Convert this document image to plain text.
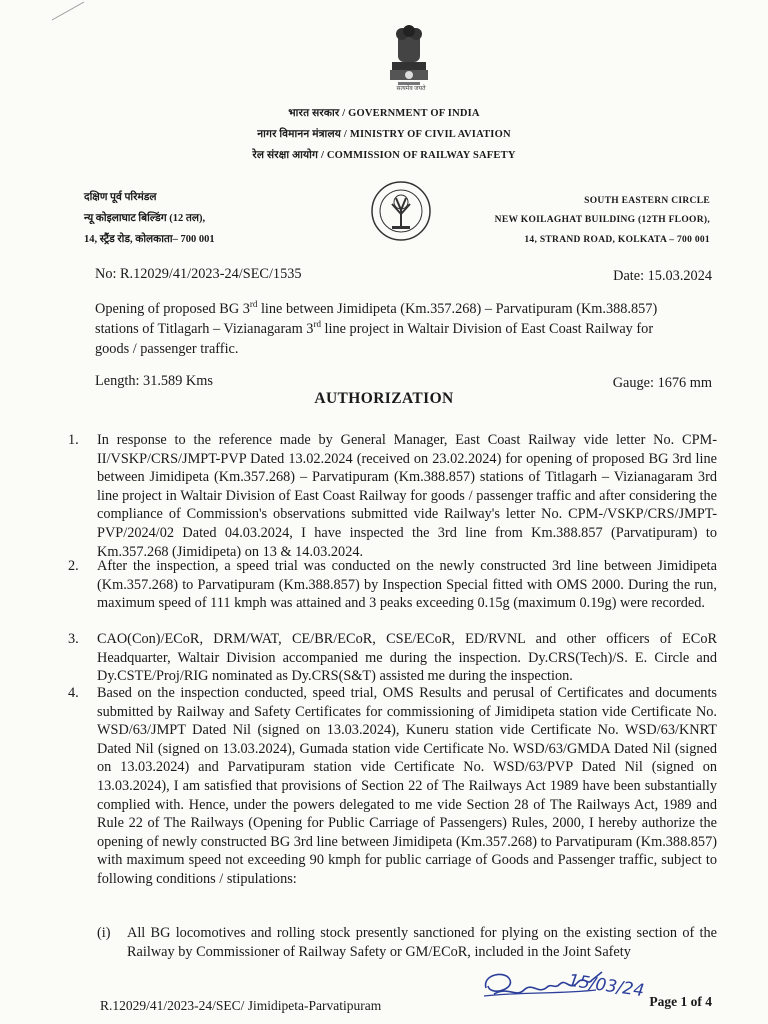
सत्यमेव जयते
भारत सरकार / GOVERNMENT OF INDIA
नागर विमानन मंत्रालय / MINISTRY OF CIVIL AVIATION
रेल संरक्षा आयोग / COMMISSION OF RAILWAY SAFETY
दक्षिण पूर्व परिमंडल
न्यू कोइलाघाट बिल्डिंग (12 तल),
14, स्ट्रैंड रोड, कोलकाता– 700 001
SOUTH EASTERN CIRCLE
NEW KOILAGHAT BUILDING (12TH FLOOR),
14, STRAND ROAD, KOLKATA – 700 001
No: R.12029/41/2023-24/SEC/1535	Date: 15.03.2024
Opening of proposed BG 3rd line between Jimidipeta (Km.357.268) – Parvatipuram (Km.388.857)
stations of Titlagarh – Vizianagaram 3rd line project in Waltair Division of East Coast Railway for
goods / passenger traffic.
Length: 31.589 Kms	Gauge: 1676 mm
AUTHORIZATION
1. In response to the reference made by General Manager, East Coast Railway vide letter No. CPM-II/VSKP/CRS/JMPT-PVP Dated 13.02.2024 (received on 23.02.2024) for opening of proposed BG 3rd line between Jimidipeta (Km.357.268) – Parvatipuram (Km.388.857) stations of Titlagarh – Vizianagaram 3rd line project in Waltair Division of East Coast Railway for goods / passenger traffic and after considering the compliance of Commission's observations submitted vide Railway's letter No. CPM-/VSKP/CRS/JMPT-PVP/2024/02 Dated 04.03.2024, I have inspected the 3rd line from Km.388.857 (Parvatipuram) to Km.357.268 (Jimidipeta) on 13 & 14.03.2024.
2. After the inspection, a speed trial was conducted on the newly constructed 3rd line between Jimidipeta (Km.357.268) to Parvatipuram (Km.388.857) by Inspection Special fitted with OMS 2000. During the run, maximum speed of 111 kmph was attained and 3 peaks exceeding 0.15g (maximum 0.19g) were recorded.
3. CAO(Con)/ECoR, DRM/WAT, CE/BR/ECoR, CSE/ECoR, ED/RVNL and other officers of ECoR Headquarter, Waltair Division accompanied me during the inspection. Dy.CRS(Tech)/S. E. Circle and Dy.CSTE/Proj/RIG nominated as Dy.CRS(S&T) assisted me during the inspection.
4. Based on the inspection conducted, speed trial, OMS Results and perusal of Certificates and documents submitted by Railway and Safety Certificates for commissioning of Jimidipeta station vide Certificate No. WSD/63/JMPT Dated Nil (signed on 13.03.2024), Kuneru station vide Certificate No. WSD/63/KNRT Dated Nil (signed on 13.03.2024), Gumada station vide Certificate No. WSD/63/GMDA Dated Nil (signed on 13.03.2024) and Parvatipuram station vide Certificate No. WSD/63/PVP Dated Nil (signed on 13.03.2024), I am satisfied that provisions of Section 22 of The Railways Act 1989 have been substantially complied with. Hence, under the powers delegated to me vide Section 28 of The Railways Act, 1989 and Rule 22 of The Railways (Opening for Public Carriage of Passengers) Rules, 2000, I hereby authorize the opening of newly constructed BG 3rd line between Jimidipeta (Km.357.268) to Parvatipuram (Km.388.857) with maximum speed not exceeding 90 kmph for public carriage of Goods and Passenger traffic, subject to following conditions / stipulations:
(i) All BG locomotives and rolling stock presently sanctioned for plying on the existing section of the Railway by Commissioner of Railway Safety or GM/ECoR, included in the Joint Safety
15/03/24
R.12029/41/2023-24/SEC/ Jimidipeta-Parvatipuram	Page 1 of 4
